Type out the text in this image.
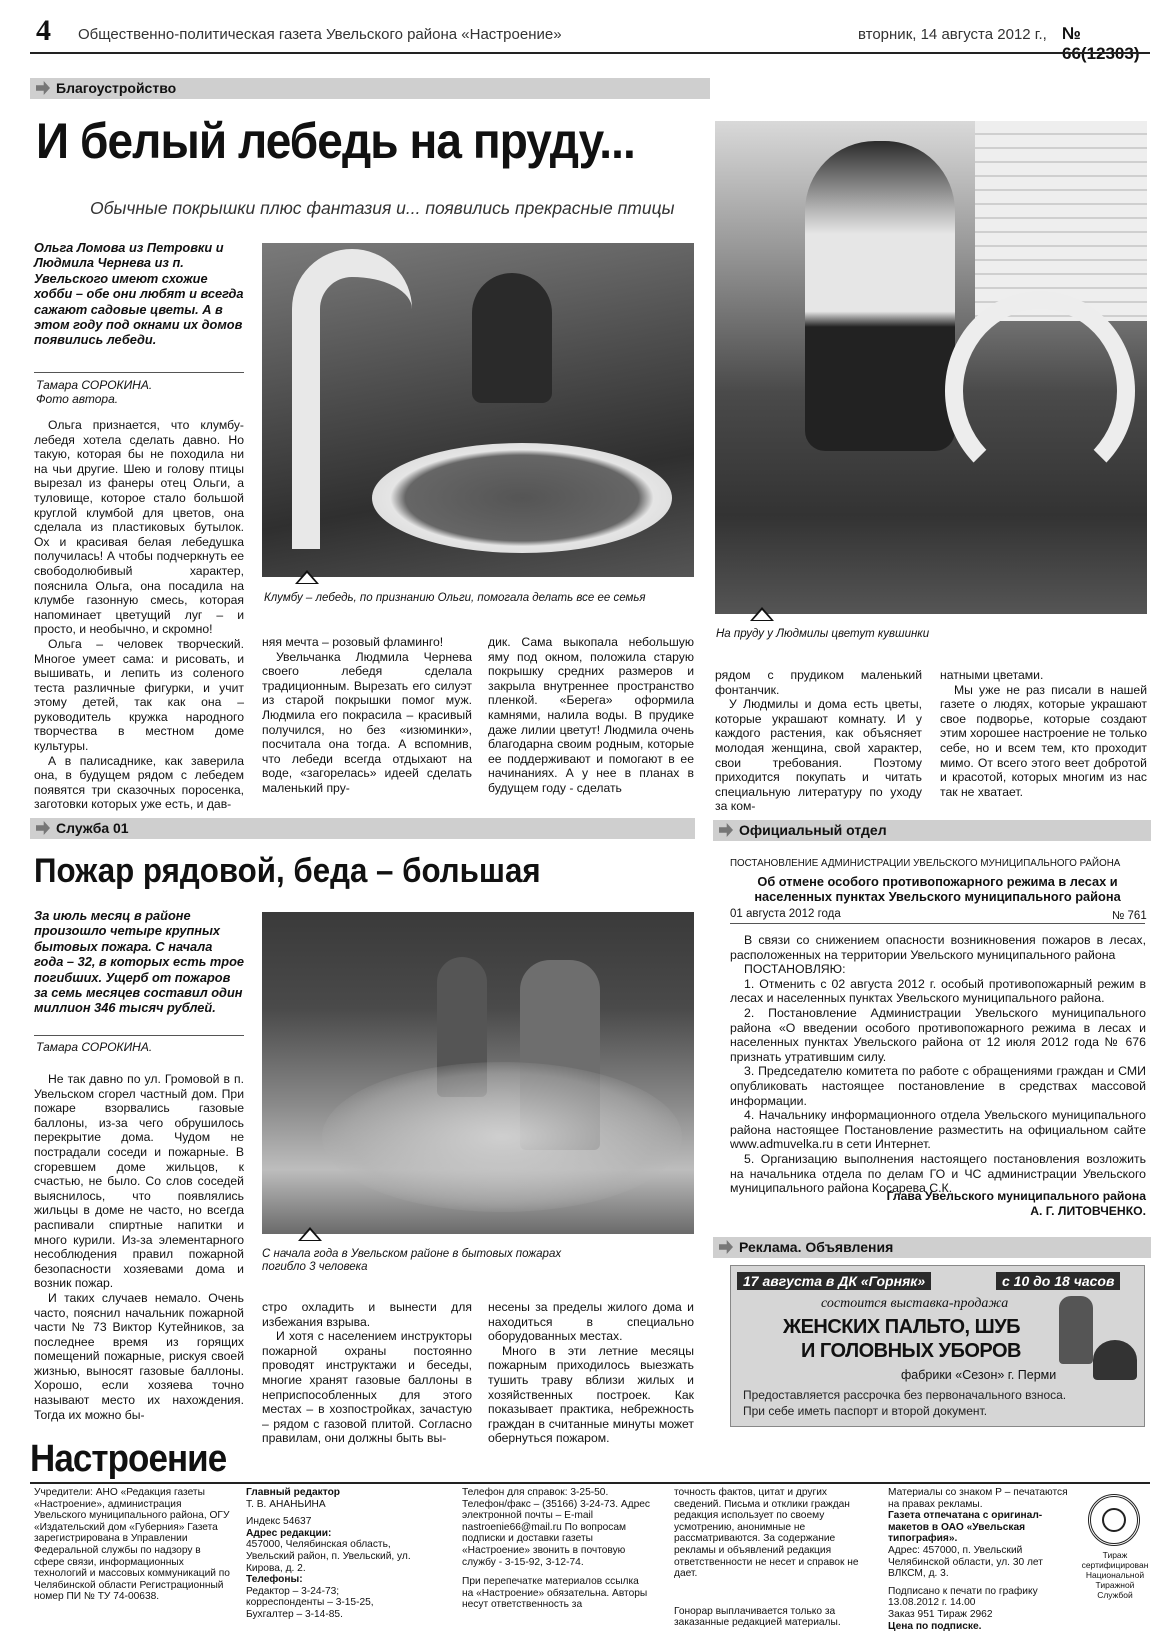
4 Общественно-политическая газета Увельского района «Настроение»	вторник, 14 августа 2012 г., №
Благоустройство
И белый лебедь на пруду...
Обычные покрышки плюс фантазия и... появились прекрасные птицы
Ольга Ломова из Петровки и Людмила Чернева из п. Увельского имеют схожие хобби – обе они любят и всегда сажают садовые цветы. А в этом году под окнами их домов появились лебеди.
Тамара СОРОКИНА.
Фото автора.
Клумбу – лебедь, по признанию Ольги, помогала делать все ее семья
На пруду у Людмилы цветут кувшинки

Ольга признается, что клумбу-лебедя хотела сделать давно. Но такую, которая бы не походила ни на чьи другие. Шею и голову птицы вырезал из фанеры отец Ольги, а туловище, которое стало большой круглой клумбой для цветов, она сделала из пластиковых бутылок. Ох и красивая белая лебедушка получилась! А чтобы подчеркнуть ее свободолюбивый характер, пояснила Ольга, она посадила на клумбе газонную смесь, которая напоминает цветущий луг – и просто, и необычно, и скромно!

Ольга – человек творческий. Многое умеет сама: и рисовать, и вышивать, и лепить из соленого теста различные фигурки, и учит этому детей, так как она – руководитель кружка народного творчества в местном доме культуры.

А в палисаднике, как заверила она, в будущем рядом с лебедем появятся три сказочных поросенка, заготовки которых уже есть, и дав-

няя мечта – розовый фламинго!

Увельчанка Людмила Чернева своего лебедя сделала традиционным. Вырезать его силуэт из старой покрышки помог муж. Людмила его покрасила – красивый получился, но без «изюминки», посчитала она тогда. А вспомнив, что лебеди всегда отдыхают на воде, «загорелась» идеей сделать маленький пру-

дик. Сама выкопала небольшую яму под окном, положила старую покрышку средних размеров и закрыла внутреннее пространство пленкой. «Берега» оформила камнями, налила воды. В прудике даже лилии цветут! Людмила очень благодарна своим родным, которые ее поддерживают и помогают в ее начинаниях. А у нее в планах в будущем году - сделать

рядом с прудиком маленький фонтанчик.

У Людмилы и дома есть цветы, которые украшают комнату. И у каждого растения, как объясняет молодая женщина, свой характер, свои требования. Поэтому приходится покупать и читать специальную литературу по уходу за ком-

натными цветами.

Мы уже не раз писали в нашей газете о людях, которые украшают свое подворье, которые создают этим хорошее настроение не только себе, но и всем тем, кто проходит мимо. От всего этого веет добротой и красотой, которых многим из нас так не хватает.

Служба 01
Пожар рядовой, беда – большая
За июль месяц в районе произошло четыре крупных бытовых пожара. С начала года – 32, в которых есть трое погибших. Ущерб от пожаров за семь месяцев составил один миллион 346 тысяч рублей.
Тамара СОРОКИНА.
С начала года в Увельском районе в бытовых пожарах погибло 3 человека

Не так давно по ул. Громовой в п. Увельском сгорел частный дом. При пожаре взорвались газовые баллоны, из-за чего обрушилось перекрытие дома. Чудом не пострадали соседи и пожарные. В сгоревшем доме жильцов, к счастью, не было. Со слов соседей выяснилось, что появлялись жильцы в доме не часто, но всегда распивали спиртные напитки и много курили. Из-за элементарного несоблюдения правил пожарной безопасности хозяевами дома и возник пожар.

И таких случаев немало. Очень часто, пояснил начальник пожарной части № 73 Виктор Кутейников, за последнее время из горящих помещений пожарные, рискуя своей жизнью, выносят газовые баллоны. Хорошо, если хозяева точно называют место их нахождения. Тогда их можно бы-

стро охладить и вынести для избежания взрыва.

И хотя с населением инструкторы пожарной охраны постоянно проводят инструктажи и беседы, многие хранят газовые баллоны в неприспособленных для этого местах – в хозпостройках, зачастую – рядом с газовой плитой. Согласно правилам, они должны быть вы-

несены за пределы жилого дома и находиться в специально оборудованных местах.

Много в эти летние месяцы пожарным приходилось выезжать тушить траву вблизи жилых и хозяйственных построек. Как показывает практика, небрежность граждан в считанные минуты может обернуться пожаром.

Официальный отдел
ПОСТАНОВЛЕНИЕ АДМИНИСТРАЦИИ УВЕЛЬСКОГО МУНИЦИПАЛЬНОГО РАЙОНА
Об отмене особого противопожарного режима в лесах и населенных пунктах Увельского муниципального района
01 августа 2012 года	№ 761

В связи со снижением опасности возникновения пожаров в лесах, расположенных на территории Увельского муниципального района

ПОСТАНОВЛЯЮ:

1. Отменить с 02 августа 2012 г. особый противопожарный режим в лесах и населенных пунктах Увельского муниципального района.

2. Постановление Администрации Увельского муниципального района «О введении особого противопожарного режима в лесах и населенных пунктах Увельского района от 12 июля 2012 года № 676 признать утратившим силу.

3. Председателю комитета по работе с обращениями граждан и СМИ опубликовать настоящее постановление в средствах массовой информации.

4. Начальнику информационного отдела Увельского муниципального района настоящее Постановление разместить на официальном сайте www.admuvelka.ru в сети Интернет.

5. Организацию выполнения настоящего постановления возложить на начальника отдела по делам ГО и ЧС администрации Увельского муниципального района Косарева С.К.

Глава Увельского муниципального района
А. Г. ЛИТОВЧЕНКО.
Реклама. Объявления
17 августа в ДК «Горняк»	с 10 до 18 часов
состоится выставка-продажа
ЖЕНСКИХ ПАЛЬТО, ШУБ
И ГОЛОВНЫХ УБОРОВ
фабрики «Сезон» г. Перми
Предоставляется рассрочка без первоначального взноса.
При себе иметь паспорт и второй документ.
Настроение
Учредители: АНО «Редакция газеты «Настроение», администрация Увельского муниципального района, ОГУ «Издательский дом «Губерния» Газета зарегистрирована в Управлении Федеральной службы по надзору в сфере связи, информационных технологий и массовых коммуникаций по Челябинской области Регистрационный номер ПИ № ТУ 74-00638.
Главный редактор
Т. В. АНАНЬИНА
Индекс 54637
Адрес редакции:
457000, Челябинская область, Увельский район, п. Увельский, ул. Кирова, д. 2.
Телефоны:
Редактор – 3-24-73;
корреспонденты – 3-15-25,
Бухгалтер – 3-14-85.
Телефон для справок: 3-25-50. Телефон/факс – (35166) 3-24-73. Адрес электронной почты – E-mail nastroenie66@mail.ru По вопросам подписки и доставки газеты «Настроение» звонить в почтовую службу - 3-15-92, 3-12-74.
При перепечатке материалов ссылка на «Настроение» обязательна. Авторы несут ответственность за
точность фактов, цитат и других сведений. Письма и отклики граждан редакция использует по своему усмотрению, анонимные не рассматриваются. За содержание рекламы и объявлений редакция ответственности не несет и справок не дает.
Гонорар выплачивается только за заказанные редакцией материалы.
Материалы со знаком Р – печатаются на правах рекламы.
Газета отпечатана с оригинал-макетов в ОАО «Увельская типография».
Адрес: 457000, п. Увельский Челябинской области, ул. 30 лет ВЛКСМ, д. 3.
Подписано к печати по графику 13.08.2012 г. 14.00
Заказ 951 Тираж 2962
Цена по подписке.
Тираж сертифицирован Национальной Тиражной Службой
